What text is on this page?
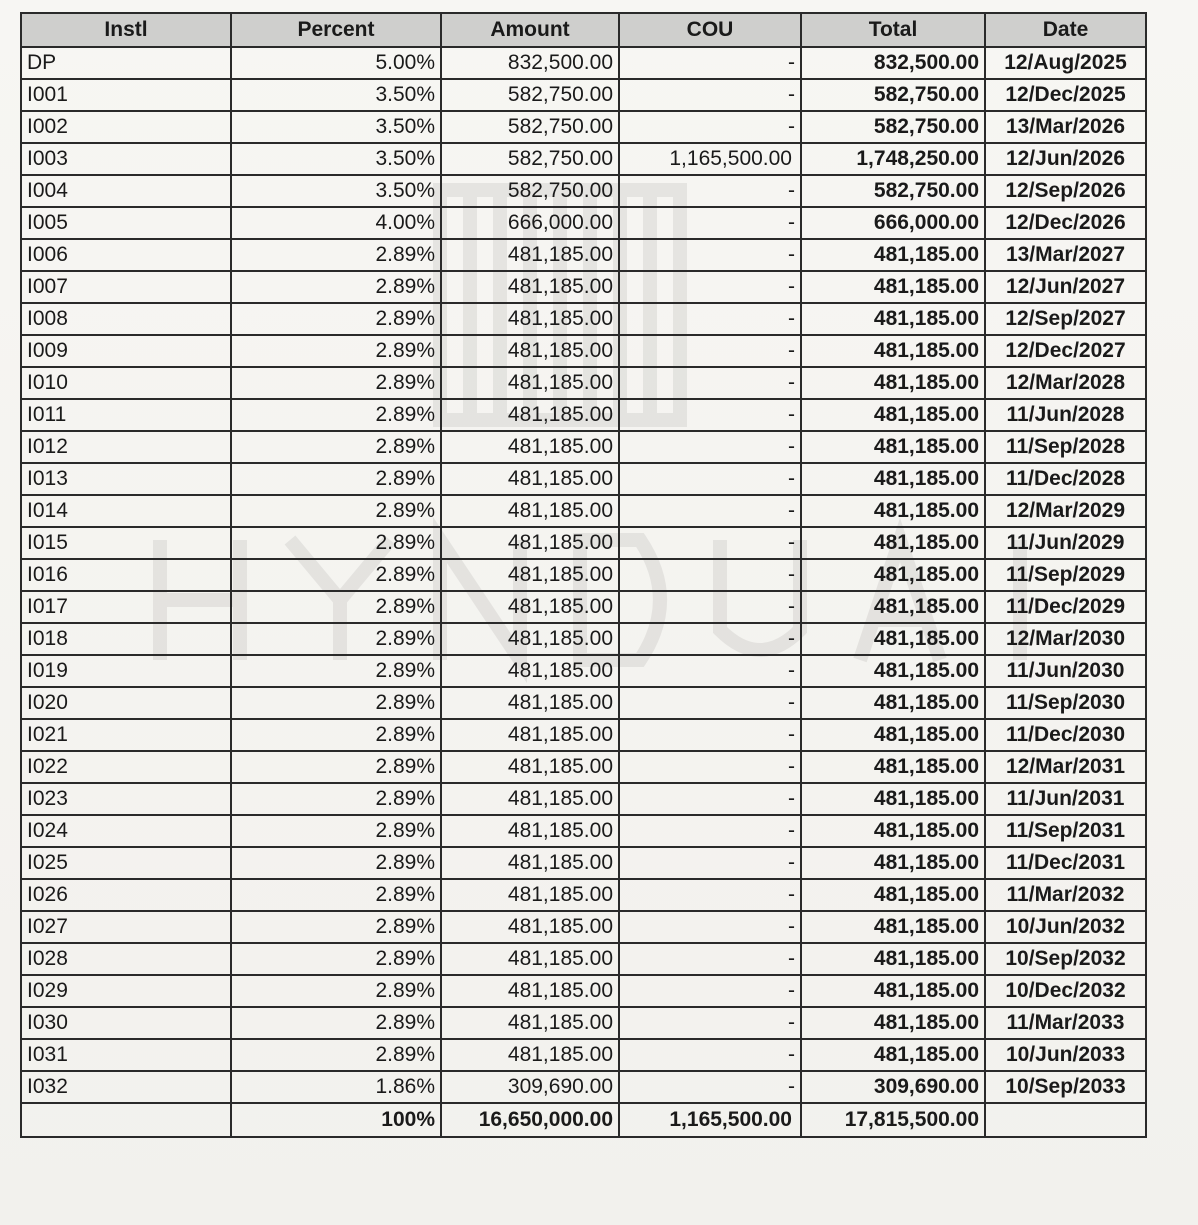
Instl	Percent	Amount	COU	Total	Date
DP	5.00%	832,500.00	-	832,500.00	12/Aug/2025
I001	3.50%	582,750.00	-	582,750.00	12/Dec/2025
I002	3.50%	582,750.00	-	582,750.00	13/Mar/2026
I003	3.50%	582,750.00	1,165,500.00	1,748,250.00	12/Jun/2026
I004	3.50%	582,750.00	-	582,750.00	12/Sep/2026
I005	4.00%	666,000.00	-	666,000.00	12/Dec/2026
I006	2.89%	481,185.00	-	481,185.00	13/Mar/2027
I007	2.89%	481,185.00	-	481,185.00	12/Jun/2027
I008	2.89%	481,185.00	-	481,185.00	12/Sep/2027
I009	2.89%	481,185.00	-	481,185.00	12/Dec/2027
I010	2.89%	481,185.00	-	481,185.00	12/Mar/2028
I011	2.89%	481,185.00	-	481,185.00	11/Jun/2028
I012	2.89%	481,185.00	-	481,185.00	11/Sep/2028
I013	2.89%	481,185.00	-	481,185.00	11/Dec/2028
I014	2.89%	481,185.00	-	481,185.00	12/Mar/2029
I015	2.89%	481,185.00	-	481,185.00	11/Jun/2029
I016	2.89%	481,185.00	-	481,185.00	11/Sep/2029
I017	2.89%	481,185.00	-	481,185.00	11/Dec/2029
I018	2.89%	481,185.00	-	481,185.00	12/Mar/2030
I019	2.89%	481,185.00	-	481,185.00	11/Jun/2030
I020	2.89%	481,185.00	-	481,185.00	11/Sep/2030
I021	2.89%	481,185.00	-	481,185.00	11/Dec/2030
I022	2.89%	481,185.00	-	481,185.00	12/Mar/2031
I023	2.89%	481,185.00	-	481,185.00	11/Jun/2031
I024	2.89%	481,185.00	-	481,185.00	11/Sep/2031
I025	2.89%	481,185.00	-	481,185.00	11/Dec/2031
I026	2.89%	481,185.00	-	481,185.00	11/Mar/2032
I027	2.89%	481,185.00	-	481,185.00	10/Jun/2032
I028	2.89%	481,185.00	-	481,185.00	10/Sep/2032
I029	2.89%	481,185.00	-	481,185.00	10/Dec/2032
I030	2.89%	481,185.00	-	481,185.00	11/Mar/2033
I031	2.89%	481,185.00	-	481,185.00	10/Jun/2033
I032	1.86%	309,690.00	-	309,690.00	10/Sep/2033
	100%	16,650,000.00	1,165,500.00	17,815,500.00	
